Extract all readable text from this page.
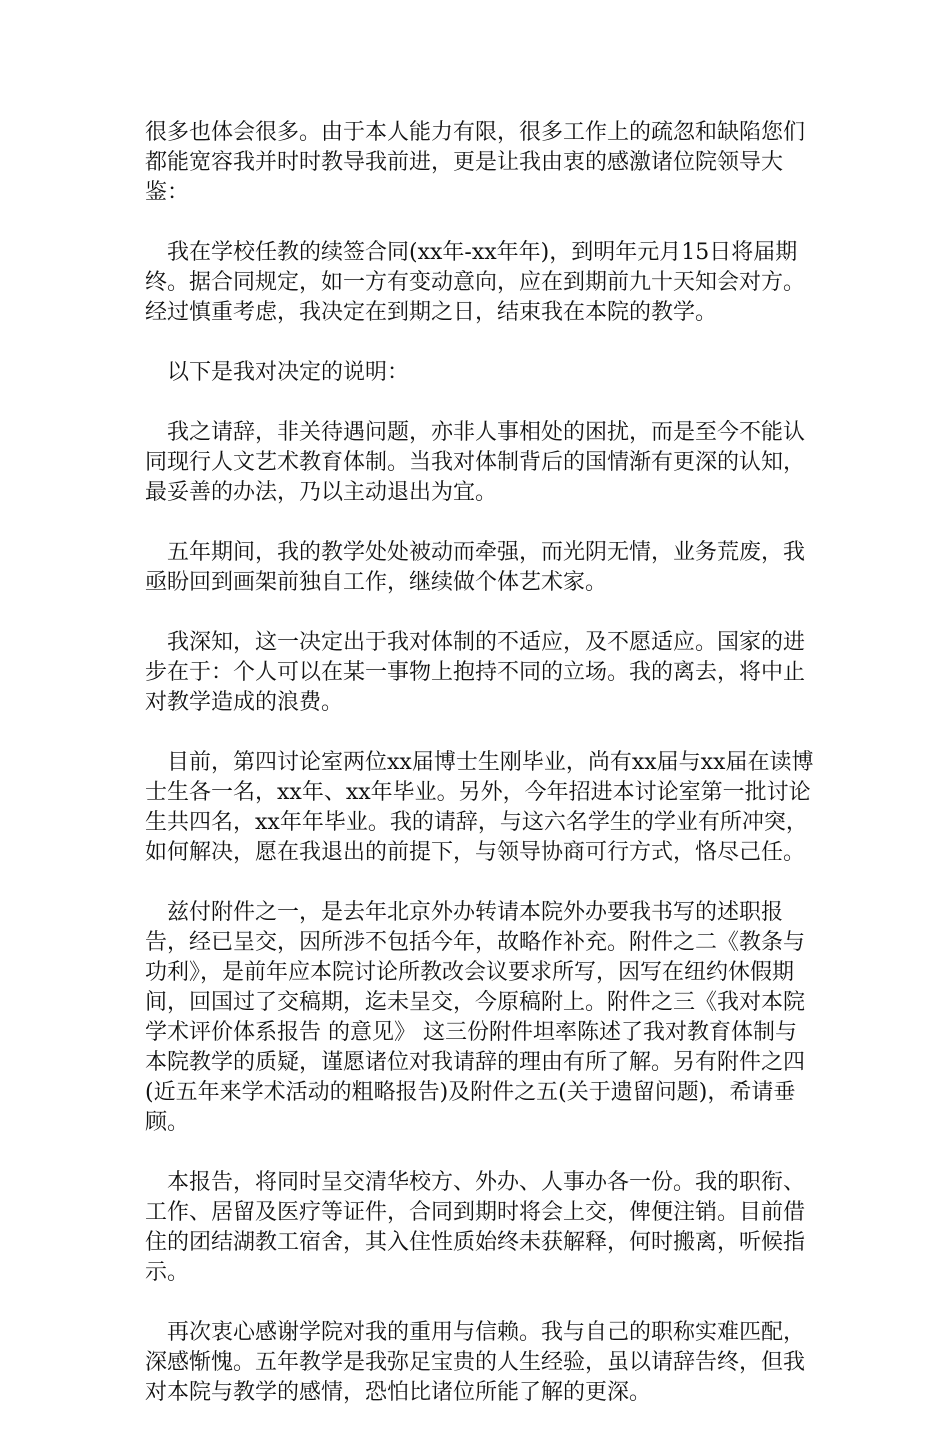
很多也体会很多。由于本人能力有限，很多工作上的疏忽和缺陷您们都能宽容我并时时教导我前进，更是让我由衷的感激诸位院领导大鉴：

我在学校任教的续签合同(xx年-xx年年)，到明年元月15日将届期终。据合同规定，如一方有变动意向，应在到期前九十天知会对方。经过慎重考虑，我决定在到期之日，结束我在本院的教学。

以下是我对决定的说明：

我之请辞，非关待遇问题，亦非人事相处的困扰，而是至今不能认同现行人文艺术教育体制。当我对体制背后的国情渐有更深的认知，最妥善的办法，乃以主动退出为宜。

五年期间，我的教学处处被动而牵强，而光阴无情，业务荒废，我亟盼回到画架前独自工作，继续做个体艺术家。

我深知，这一决定出于我对体制的不适应，及不愿适应。国家的进步在于：个人可以在某一事物上抱持不同的立场。我的离去，将中止对教学造成的浪费。

目前，第四讨论室两位xx届博士生刚毕业，尚有xx届与xx届在读博士生各一名，xx年、xx年毕业。另外，今年招进本讨论室第一批讨论生共四名，xx年年毕业。我的请辞，与这六名学生的学业有所冲突，如何解决，愿在我退出的前提下，与领导协商可行方式，恪尽己任。

兹付附件之一，是去年北京外办转请本院外办要我书写的述职报告，经已呈交，因所涉不包括今年，故略作补充。附件之二《教条与功利》，是前年应本院讨论所教改会议要求所写，因写在纽约休假期间，回国过了交稿期，迄未呈交，今原稿附上。附件之三《我对本院 学术评价体系报告 的意见》 这三份附件坦率陈述了我对教育体制与本院教学的质疑，谨愿诸位对我请辞的理由有所了解。另有附件之四(近五年来学术活动的粗略报告)及附件之五(关于遗留问题)，希请垂顾。

本报告，将同时呈交清华校方、外办、人事办各一份。我的职衔、工作、居留及医疗等证件，合同到期时将会上交，俾便注销。目前借住的团结湖教工宿舍，其入住性质始终未获解释，何时搬离，听候指示。

再次衷心感谢学院对我的重用与信赖。我与自己的职称实难匹配，深感惭愧。五年教学是我弥足宝贵的人生经验，虽以请辞告终，但我对本院与教学的感情，恐怕比诸位所能了解的更深。
